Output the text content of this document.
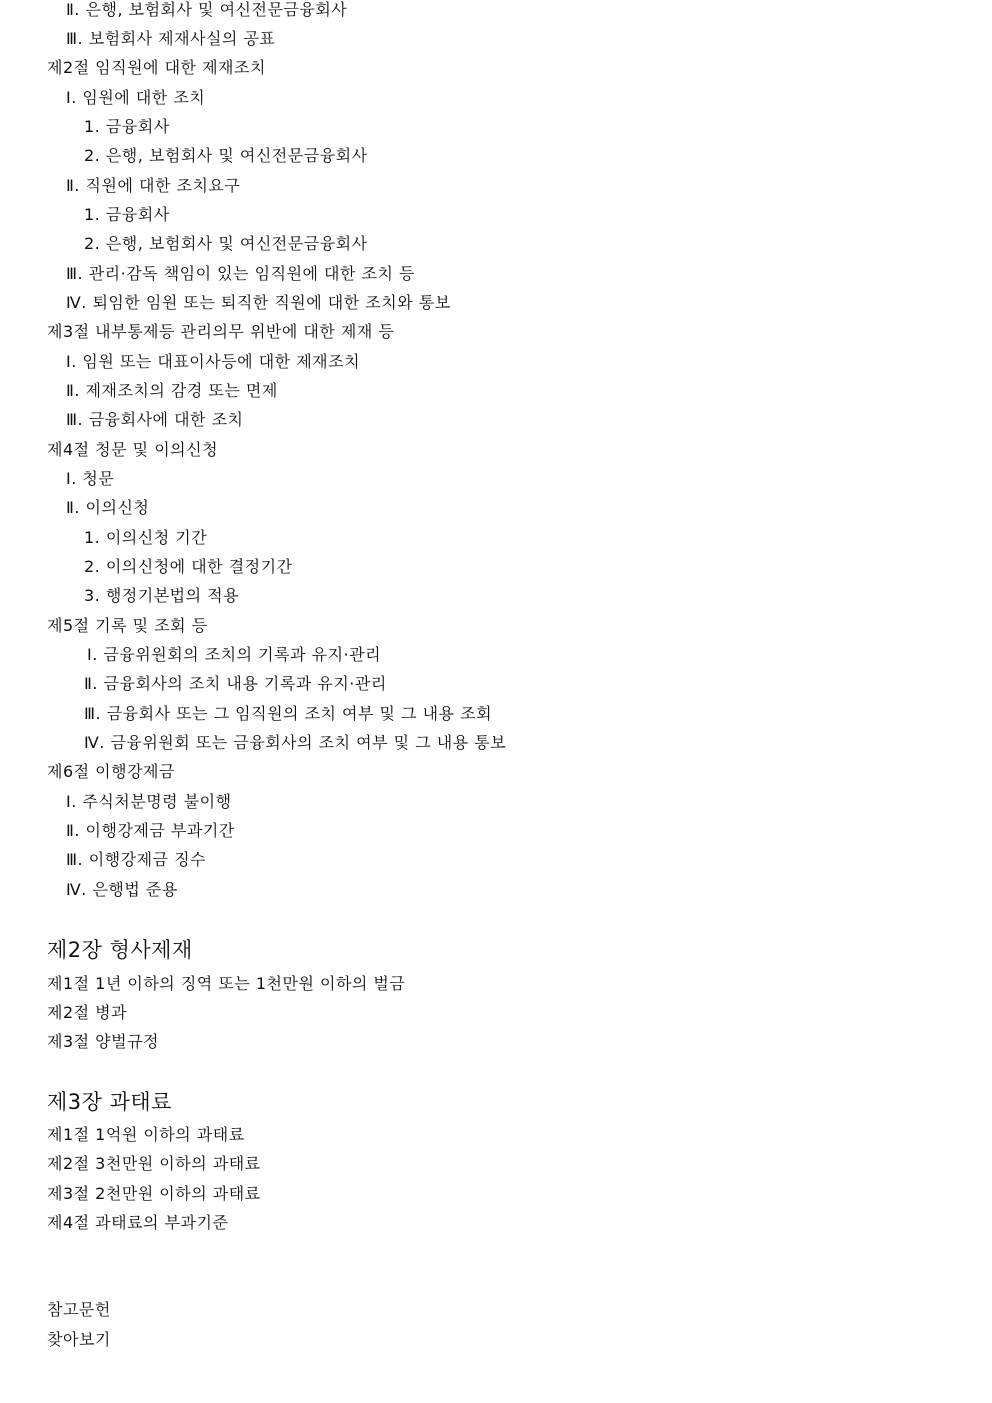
Ⅱ. 은행, 보험회사 및 여신전문금융회사
Ⅲ. 보험회사 제재사실의 공표
제2절 임직원에 대한 제재조치
Ⅰ. 임원에 대한 조치
1. 금융회사
2. 은행, 보험회사 및 여신전문금융회사
Ⅱ. 직원에 대한 조치요구
1. 금융회사
2. 은행, 보험회사 및 여신전문금융회사
Ⅲ. 관리·감독 책임이 있는 임직원에 대한 조치 등
Ⅳ. 퇴임한 임원 또는 퇴직한 직원에 대한 조치와 통보
제3절 내부통제등 관리의무 위반에 대한 제재 등
Ⅰ. 임원 또는 대표이사등에 대한 제재조치
Ⅱ. 제재조치의 감경 또는 면제
Ⅲ. 금융회사에 대한 조치
제4절 청문 및 이의신청
Ⅰ. 청문
Ⅱ. 이의신청
1. 이의신청 기간
2. 이의신청에 대한 결정기간
3. 행정기본법의 적용
제5절 기록 및 조회 등
Ⅰ. 금융위원회의 조치의 기록과 유지·관리
Ⅱ. 금융회사의 조치 내용 기록과 유지·관리
Ⅲ. 금융회사 또는 그 임직원의 조치 여부 및 그 내용 조회
Ⅳ. 금융위원회 또는 금융회사의 조치 여부 및 그 내용 통보
제6절 이행강제금
Ⅰ. 주식처분명령 불이행
Ⅱ. 이행강제금 부과기간
Ⅲ. 이행강제금 징수
Ⅳ. 은행법 준용
제2장 형사제재
제1절 1년 이하의 징역 또는 1천만원 이하의 벌금
제2절 병과
제3절 양벌규정
제3장 과태료
제1절 1억원 이하의 과태료
제2절 3천만원 이하의 과태료
제3절 2천만원 이하의 과태료
제4절 과태료의 부과기준
참고문헌
찾아보기
